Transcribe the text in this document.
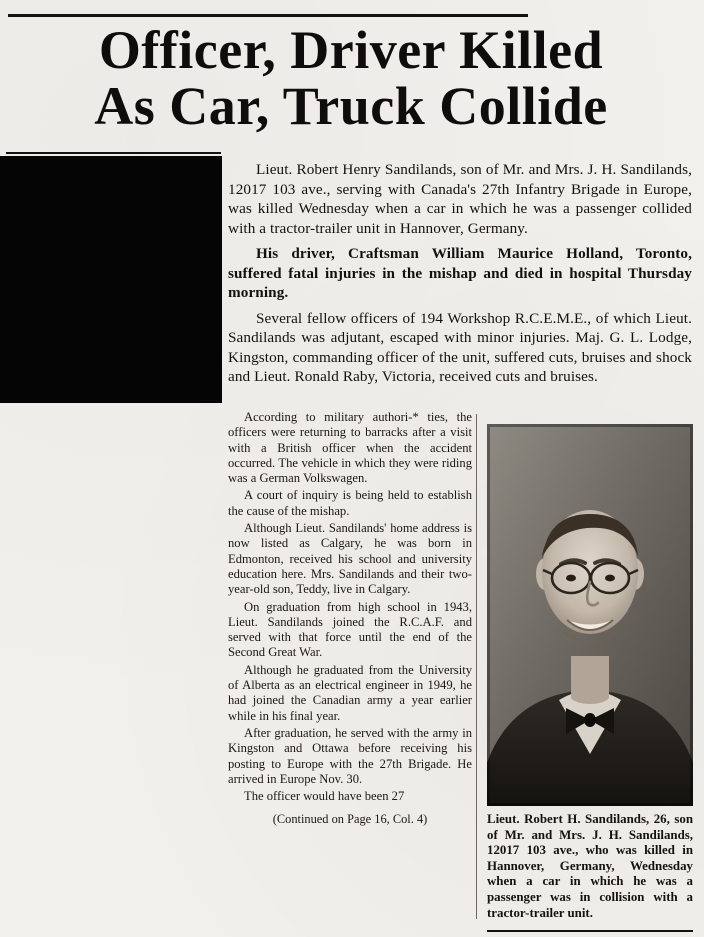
Officer, Driver Killed
As Car, Truck Collide

Lieut. Robert Henry Sandilands, son of Mr. and Mrs. J. H. Sandilands, 12017 103 ave., serving with Canada's 27th Infantry Brigade in Europe, was killed Wednesday when a car in which he was a passenger collided with a tractor-trailer unit in Hannover, Germany.

His driver, Craftsman William Maurice Holland, Toronto, suffered fatal injuries in the mishap and died in hospital Thursday morning.

Several fellow officers of 194 Workshop R.C.E.M.E., of which Lieut. Sandilands was adjutant, escaped with minor injuries. Maj. G. L. Lodge, Kingston, commanding officer of the unit, suffered cuts, bruises and shock and Lieut. Ronald Raby, Victoria, received cuts and bruises.

According to military authori-* ties, the officers were returning to barracks after a visit with a British officer when the accident occurred. The vehicle in which they were riding was a German Volkswagen.

A court of inquiry is being held to establish the cause of the mishap.

Although Lieut. Sandilands' home address is now listed as Calgary, he was born in Edmonton, received his school and university education here. Mrs. Sandilands and their two-year-old son, Teddy, live in Calgary.

On graduation from high school in 1943, Lieut. Sandilands joined the R.C.A.F. and served with that force until the end of the Second Great War.

Although he graduated from the University of Alberta as an electrical engineer in 1949, he had joined the Canadian army a year earlier while in his final year.

After graduation, he served with the army in Kingston and Ottawa before receiving his posting to Europe with the 27th Brigade. He arrived in Europe Nov. 30.

The officer would have been 27

(Continued on Page 16, Col. 4)	Lieut. Robert H. Sandilands, 26, son of Mr. and Mrs. J. H. Sandilands, 12017 103 ave., who was killed in Hannover, Germany, Wednesday when a car in which he was a passenger was in collision with a tractor-trailer unit.
